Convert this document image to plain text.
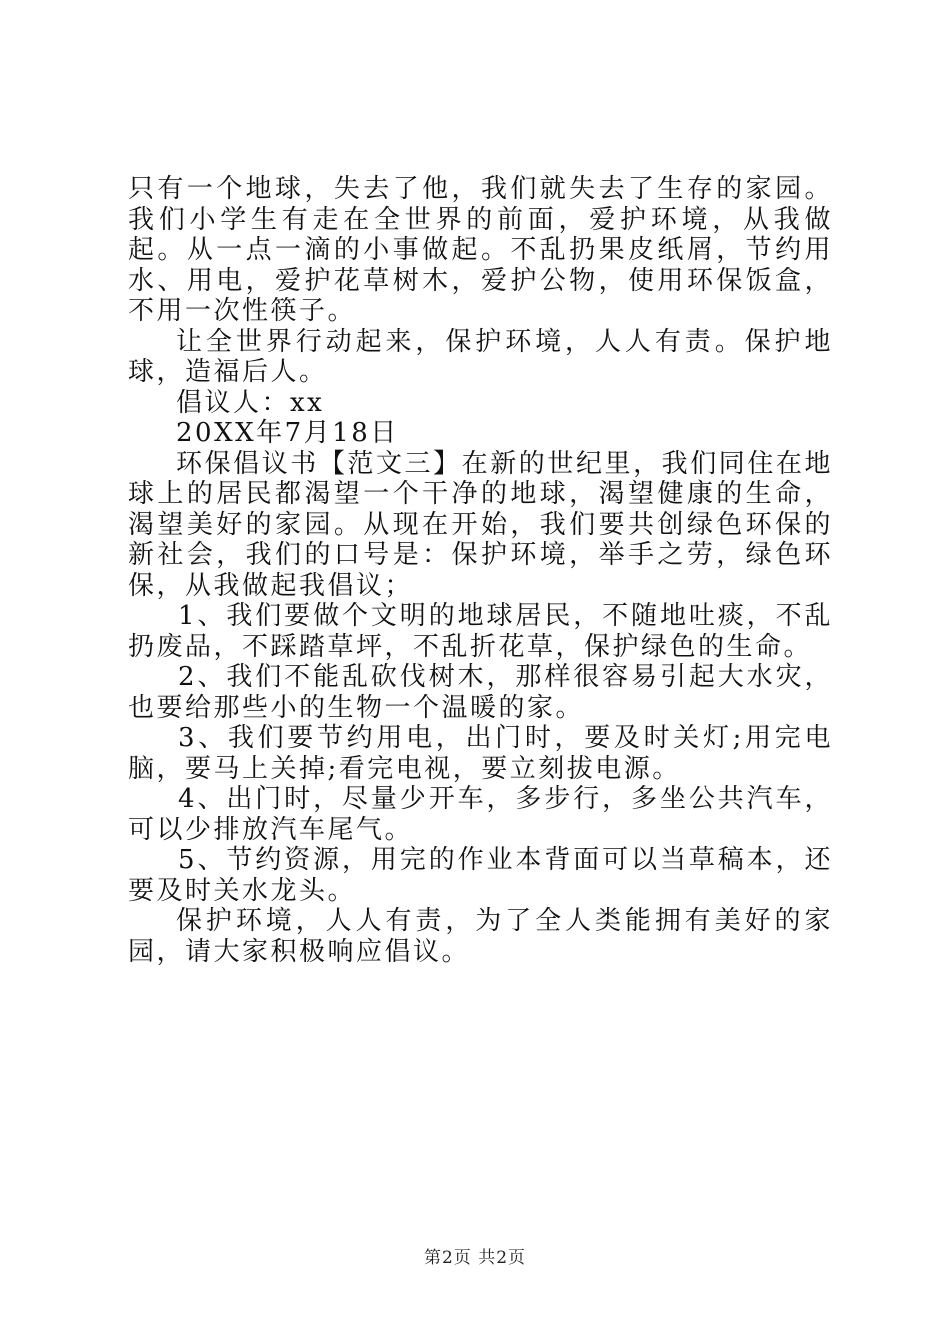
只有一个地球，失去了他，我们就失去了生存的家园。我们小学生有走在全世界的前面，爱护环境，从我做起。从一点一滴的小事做起。不乱扔果皮纸屑，节约用水、用电，爱护花草树木，爱护公物，使用环保饭盒，不用一次性筷子。

让全世界行动起来，保护环境，人人有责。保护地球，造福后人。

倡议人：xx

20XX年7月18日

环保倡议书【范文三】在新的世纪里，我们同住在地球上的居民都渴望一个干净的地球，渴望健康的生命，渴望美好的家园。从现在开始，我们要共创绿色环保的新社会，我们的口号是：保护环境，举手之劳，绿色环保，从我做起我倡议；

1、我们要做个文明的地球居民，不随地吐痰，不乱扔废品，不踩踏草坪，不乱折花草，保护绿色的生命。

2、我们不能乱砍伐树木，那样很容易引起大水灾，也要给那些小的生物一个温暖的家。

3、我们要节约用电，出门时，要及时关灯;用完电脑，要马上关掉;看完电视，要立刻拔电源。

4、出门时，尽量少开车，多步行，多坐公共汽车，可以少排放汽车尾气。

5、节约资源，用完的作业本背面可以当草稿本，还要及时关水龙头。

保护环境，人人有责，为了全人类能拥有美好的家园，请大家积极响应倡议。

第2页 共2页
